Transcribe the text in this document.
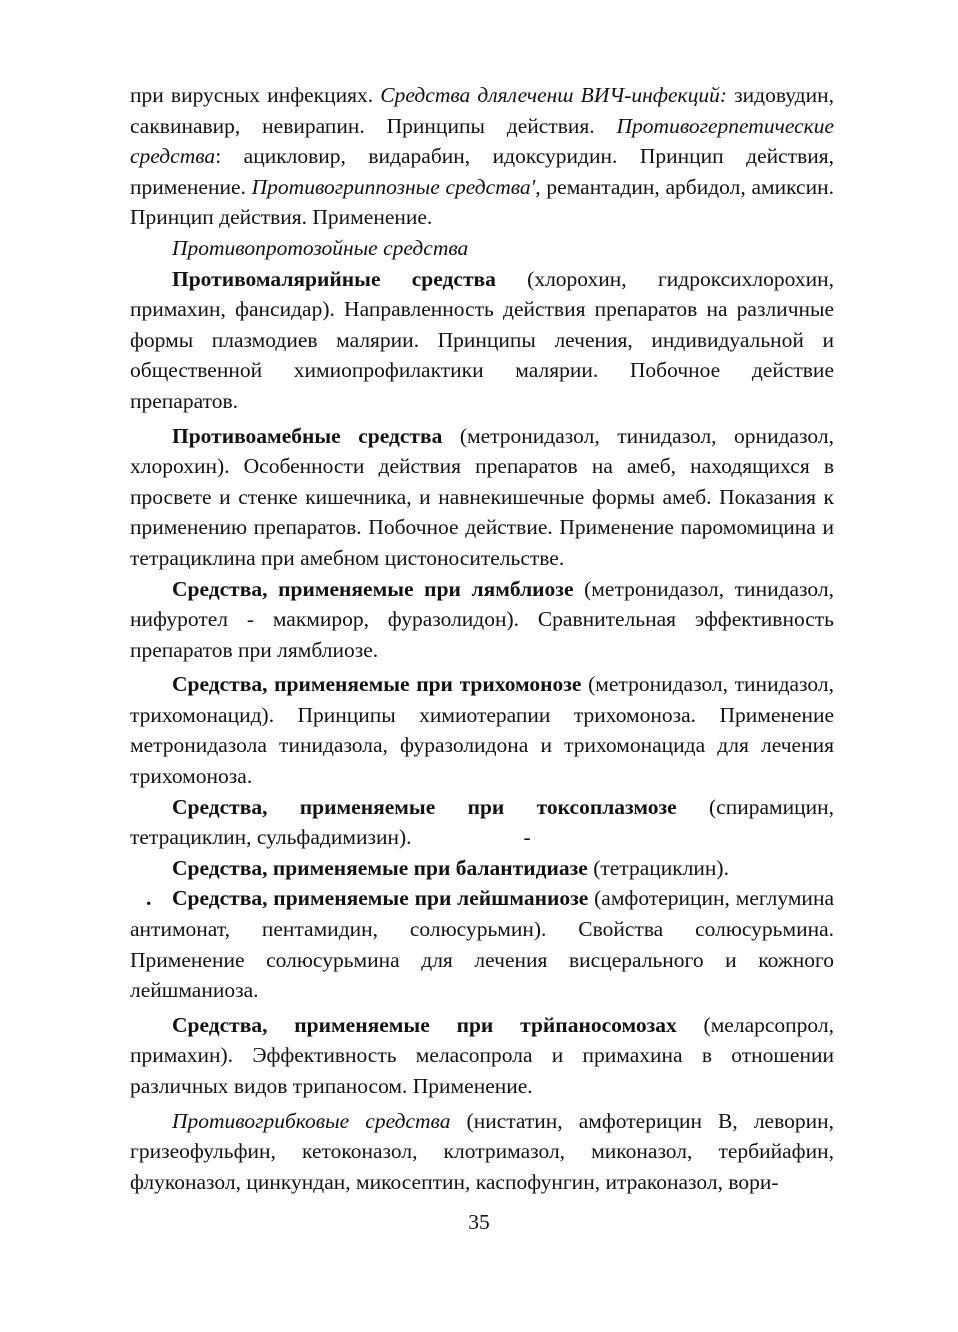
при вирусных инфекциях. Средства длялеченш ВИЧ-инфекций: зидовудин, саквинавир, невирапин. Принципы действия. Противогерпетические средства: ацикловир, видарабин, идоксуридин. Принцип действия, применение. Противогриппозные средства', ремантадин, арбидол, амиксин. Принцип действия. Применение.

Противопротозойные средства

Противомалярийные средства (хлорохин, гидроксихлорохин, примахин, фансидар). Направленность действия препаратов на различные формы плазмодиев малярии. Принципы лечения, индивидуальной и общественной химиопрофилактики малярии. Побочное действие препаратов.

Противоамебные средства (метронидазол, тинидазол, орнидазол, хлорохин). Особенности действия препаратов на амеб, находящихся в просвете и стенке кишечника, и навнекишечные формы амеб. Показания к применению препаратов. Побочное действие. Применение паромомицина и тетрациклина при амебном цистоносительстве.

Средства, применяемые при лямблиозе (метронидазол, тинидазол, нифуротел - макмирор, фуразолидон). Сравнительная эффективность препаратов при лямблиозе.

Средства, применяемые при трихомонозе (метронидазол, тинидазол, трихомонацид). Принципы химиотерапии трихомоноза. Применение метронидазола тинидазола, фуразолидона и трихомонацида для лечения трихомоноза.

Средства, применяемые при токсоплазмозе (спирамицин, тетрациклин, сульфадимизин).	-

Средства, применяемые при балантидиазе (тетрациклин).

. Средства, применяемые при лейшманиозе (амфотерицин, меглумина антимонат, пентамидин, солюсурьмин). Свойства солюсурьмина. Применение солюсурьмина для лечения висцерального и кожного лейшманиоза.

Средства, применяемые при трйпаносомозах (меларсопрол, примахин). Эффективность меласопрола и примахина в отношении различных видов трипаносом. Применение.

Противогрибковые средства (нистатин, амфотерицин В, леворин, гризеофульфин, кетоконазол, клотримазол, миконазол, тербийафин, флуконазол, цинкундан, микосептин, каспофунгин, итраконазол, вори-

35
